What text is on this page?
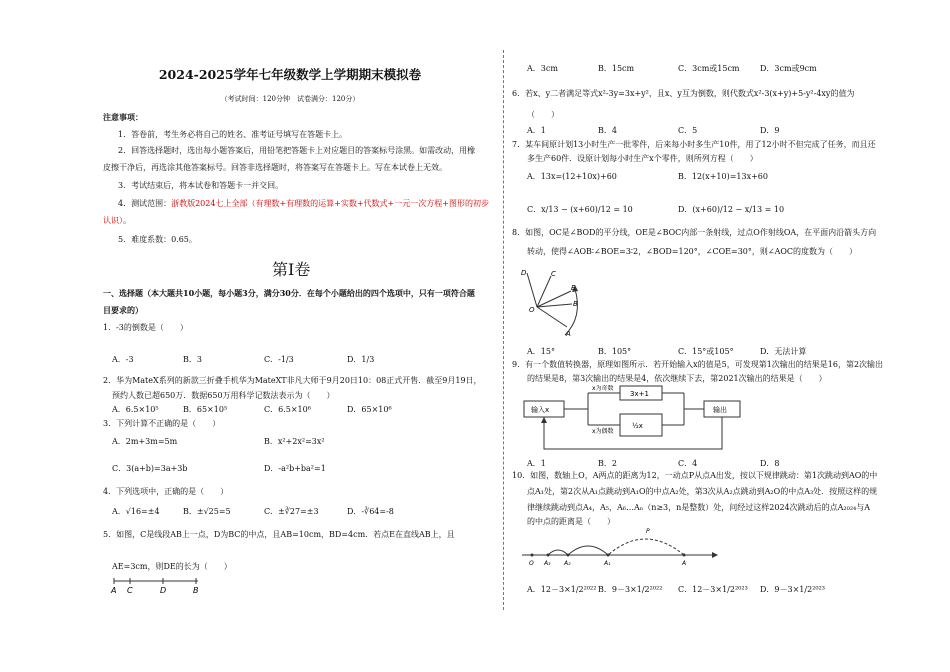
2024-2025学年七年级数学上学期期末模拟卷
（考试时间：120分钟　试卷满分：120分）
注意事项：
1．答卷前，考生务必将自己的姓名、准考证号填写在答题卡上。
2．回答选择题时，选出每小题答案后，用铅笔把答题卡上对应题目的答案标号涂黑。如需改动，用橡
皮擦干净后，再选涂其他答案标号。回答非选择题时，将答案写在答题卡上。写在本试卷上无效。
3．考试结束后，将本试卷和答题卡一并交回。
4．测试范围：浙教版2024七上全部（有理数+有理数的运算+实数+代数式+一元一次方程+图形的初步
认识）。
5．难度系数：0.65。
第Ⅰ卷
一、选择题（本大题共10小题，每小题3分，满分30分．在每个小题给出的四个选项中，只有一项符合题
目要求的）
1．-3的倒数是（　　）
A．-3	B．3	C．-1/3	D．1/3
2．华为MateX系列的新款三折叠手机华为MateXT非凡大师于9月20日10：08正式开售．截至9月19日，
预约人数已超650万．数据650万用科学记数法表示为（　　）
A．6.5×10⁵	B．65×10⁵	C．6.5×10⁶	D．65×10⁶
3．下列计算不正确的是（　　）
A．2m+3m=5m	B．x²+2x²=3x²
C．3(a+b)=3a+3b	D．-a²b+ba²=1
4．下列选项中，正确的是（　　）
A．√16=±4	B．±√25=5	C．±∛27=±3	D．-∛64=-8
5．如图，C是线段AB上一点，D为BC的中点，且AB=10cm，BD=4cm．若点E在直线AB上，且
AE=3cm，则DE的长为（　　）
A C	D	B
A．3cm	B．15cm	C．3cm或15cm	D．3cm或9cm
6．若x、y二者满足等式x²-3y=3x+y²，且x、y互为倒数，则代数式x²-3(x+y)+5-y²-4xy的值为
（　　）
A．1	B．4	C．5	D．9
7．某车间原计划13小时生产一批零件，后来每小时多生产10件，用了12小时不但完成了任务，而且还
多生产60件．设原计划每小时生产x个零件，则所列方程（　　）
A．13x=(12+10x)+60	B．12(x+10)=13x+60
C．x/13 − (x+60)/12 = 10	D．(x+60)/12 − x/13 = 10
8．如图，OC是∠BOD的平分线，OE是∠BOC内部一条射线，过点O作射线OA，在平面内沿箭头方向
转动，使得∠AOB∶∠BOE=3∶2，∠BOD=120°，∠COE=30°，则∠AOC的度数为（　　）
D	C
E
B
O
A
A．15°	B．105°	C．15°或105°	D．无法计算
9．有一个数值转换器，原理如图所示．若开始输入x的值是5，可发现第1次输出的结果是16，第2次输出
的结果是8，第3次输出的结果是4，依次继续下去，第2021次输出的结果是（　　）
输入x
x为奇数
x为偶数
3x+1
½x
输出
A．1	B．2	C．4	D．8
10．如图，数轴上O，A两点的距离为12，一动点P从点A出发，按以下规律跳动：第1次跳动到AO的中
点A₁处，第2次从A₁点跳动到A₁O的中点A₂处，第3次从A₂点跳动到A₂O的中点A₃处．按照这样的规
律继续跳动到点A₄，A₅，A₆…Aₙ（n≥3，n是整数）处，问经过这样2024次跳动后的点A₂₀₂₄与A
的中点的距离是（　　）
O A₃ A₂	A₁
P
A
A．12－3×1/2²⁰²² B．9－3×1/2²⁰²² C．12－3×1/2²⁰²³ D．9－3×1/2²⁰²³
